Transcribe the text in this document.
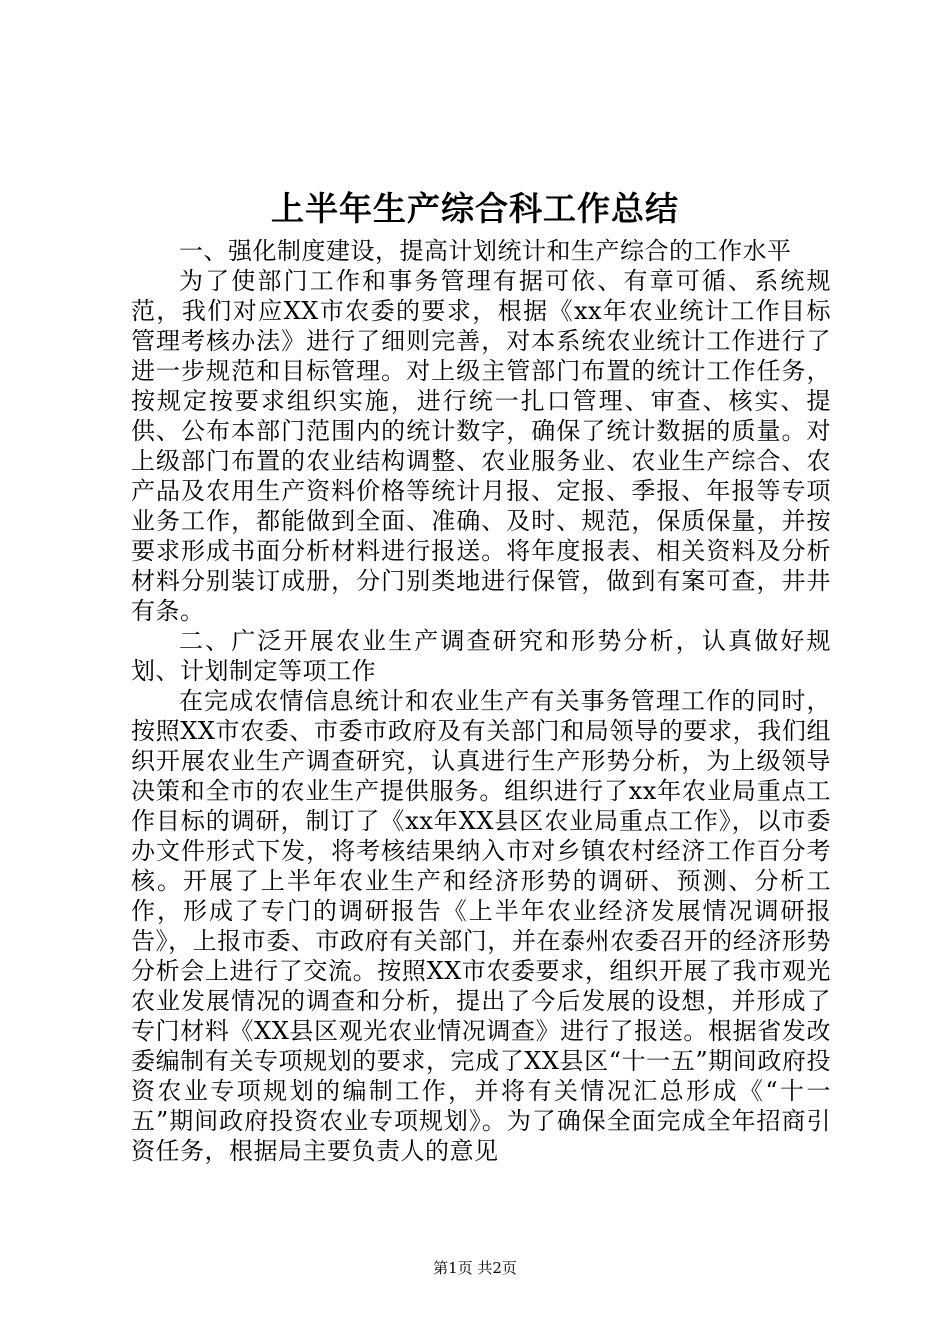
上半年生产综合科工作总结

一、强化制度建设，提高计划统计和生产综合的工作水平

为了使部门工作和事务管理有据可依、有章可循、系统规范，我们对应XX市农委的要求，根据《xx年农业统计工作目标管理考核办法》进行了细则完善，对本系统农业统计工作进行了进一步规范和目标管理。对上级主管部门布置的统计工作任务，按规定按要求组织实施，进行统一扎口管理、审查、核实、提供、公布本部门范围内的统计数字，确保了统计数据的质量。对上级部门布置的农业结构调整、农业服务业、农业生产综合、农产品及农用生产资料价格等统计月报、定报、季报、年报等专项业务工作，都能做到全面、准确、及时、规范，保质保量，并按要求形成书面分析材料进行报送。将年度报表、相关资料及分析材料分别装订成册，分门别类地进行保管，做到有案可查，井井有条。

二、广泛开展农业生产调查研究和形势分析，认真做好规划、计划制定等项工作

在完成农情信息统计和农业生产有关事务管理工作的同时，按照XX市农委、市委市政府及有关部门和局领导的要求，我们组织开展农业生产调查研究，认真进行生产形势分析，为上级领导决策和全市的农业生产提供服务。组织进行了xx年农业局重点工作目标的调研，制订了《xx年XX县区农业局重点工作》，以市委办文件形式下发，将考核结果纳入市对乡镇农村经济工作百分考核。开展了上半年农业生产和经济形势的调研、预测、分析工作，形成了专门的调研报告《上半年农业经济发展情况调研报告》，上报市委、市政府有关部门，并在泰州农委召开的经济形势分析会上进行了交流。按照XX市农委要求，组织开展了我市观光农业发展情况的调查和分析，提出了今后发展的设想，并形成了专门材料《XX县区观光农业情况调查》进行了报送。根据省发改委编制有关专项规划的要求，完成了XX县区“十一五”期间政府投资农业专项规划的编制工作，并将有关情况汇总形成《“十一五”期间政府投资农业专项规划》。为了确保全面完成全年招商引资任务，根据局主要负责人的意见

第1页 共2页
